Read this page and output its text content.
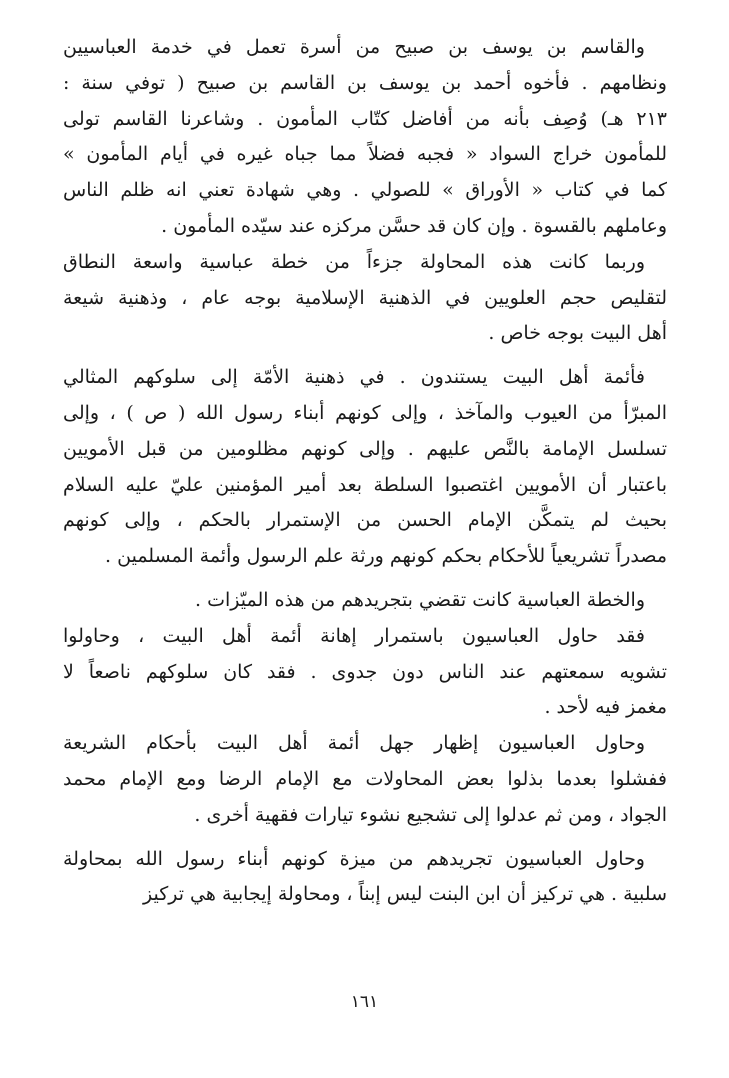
والقاسم بن يوسف بن صبيح من أسرة تعمل في خدمة العباسيين
ونظامهم . فأخوه أحمد بن يوسف بن القاسم بن صبيح ( توفي سنة :
٢١٣ هـ) وُصِف بأنه من أفاضل كتّاب المأمون . وشاعرنا القاسم تولى
للمأمون خراج السواد « فجبه فضلاً مما جباه غيره في أيام المأمون »
كما في كتاب « الأوراق » للصولي . وهي شهادة تعني انه ظلم الناس
وعاملهم بالقسوة . وإن كان قد حسَّن مركزه عند سيّده المأمون .
وربما كانت هذه المحاولة جزءاً من خطة عباسية واسعة النطاق
لتقليص حجم العلويين في الذهنية الإسلامية بوجه عام ، وذهنية شيعة
أهل البيت بوجه خاص .
فأئمة أهل البيت يستندون . في ذهنية الأمّة إلى سلوكهم المثالي
المبرّأ من العيوب والمآخذ ، وإلى كونهم أبناء رسول الله ( ص ) ، وإلى
تسلسل الإمامة بالنَّص عليهم . وإلى كونهم مظلومين من قبل الأمويين
باعتبار أن الأمويين اغتصبوا السلطة بعد أمير المؤمنين عليّ عليه السلام
بحيث لم يتمكَّن الإمام الحسن من الإستمرار بالحكم ، وإلى كونهم
مصدراً تشريعياً للأحكام بحكم كونهم ورثة علم الرسول وأئمة المسلمين .
والخطة العباسية كانت تقضي بتجريدهم من هذه الميّزات .
فقد حاول العباسيون باستمرار إهانة أئمة أهل البيت ، وحاولوا
تشويه سمعتهم عند الناس دون جدوى . فقد كان سلوكهم ناصعاً لا
مغمز فيه لأحد .
وحاول العباسيون إظهار جهل أئمة أهل البيت بأحكام الشريعة
ففشلوا بعدما بذلوا بعض المحاولات مع الإمام الرضا ومع الإمام محمد
الجواد ، ومن ثم عدلوا إلى تشجيع نشوء تيارات فقهية أخرى .
وحاول العباسيون تجريدهم من ميزة كونهم أبناء رسول الله بمحاولة
سلبية . هي تركيز أن ابن البنت ليس إبناً ، ومحاولة إيجابية هي تركيز
١٦١
